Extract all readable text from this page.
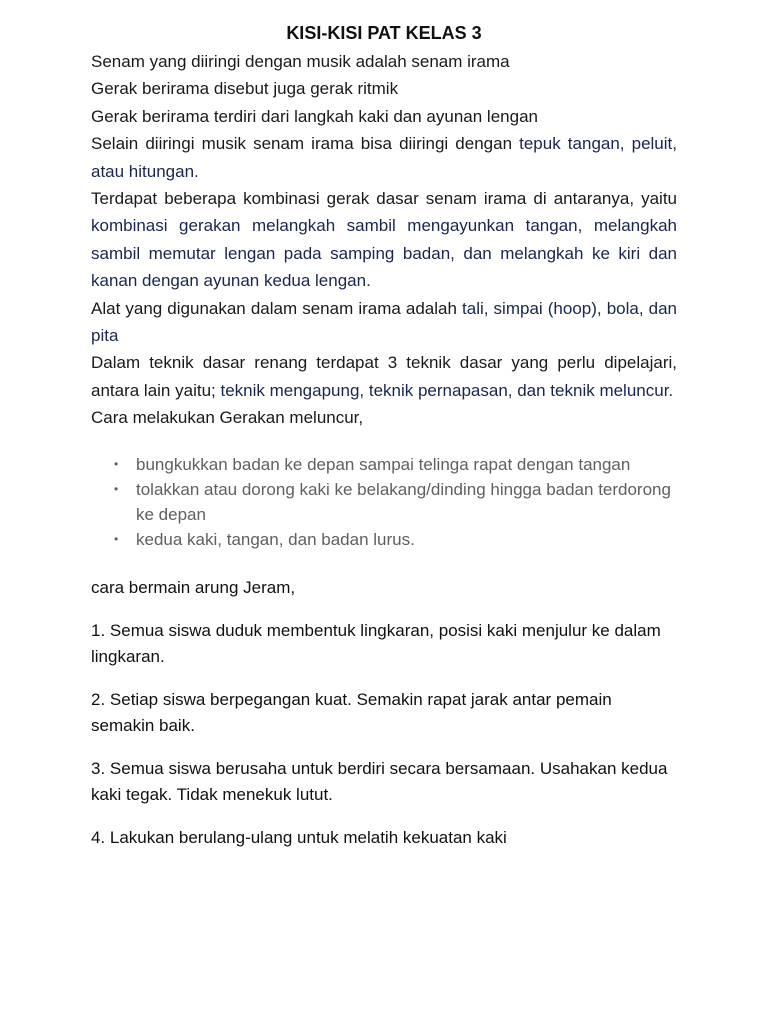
KISI-KISI PAT KELAS 3

Senam yang diiringi dengan musik adalah senam irama

Gerak berirama disebut juga gerak ritmik

Gerak berirama terdiri dari langkah kaki dan ayunan lengan

Selain diiringi musik senam irama bisa diiringi dengan tepuk tangan, peluit, atau hitungan.

Terdapat beberapa kombinasi gerak dasar senam irama di antaranya, yaitu kombinasi gerakan melangkah sambil mengayunkan tangan, melangkah sambil memutar lengan pada samping badan, dan melangkah ke kiri dan kanan dengan ayunan kedua lengan.

Alat yang digunakan dalam senam irama adalah tali, simpai (hoop), bola, dan pita

Dalam teknik dasar renang terdapat 3 teknik dasar yang perlu dipelajari, antara lain yaitu; teknik mengapung, teknik pernapasan, dan teknik meluncur.

Cara melakukan Gerakan meluncur,

• bungkukkan badan ke depan sampai telinga rapat dengan tangan
• tolakkan atau dorong kaki ke belakang/dinding hingga badan terdorong ke depan
• kedua kaki, tangan, dan badan lurus.

cara bermain arung Jeram,

1. Semua siswa duduk membentuk lingkaran, posisi kaki menjulur ke dalam lingkaran.

2. Setiap siswa berpegangan kuat. Semakin rapat jarak antar pemain semakin baik.

3. Semua siswa berusaha untuk berdiri secara bersamaan. Usahakan kedua kaki tegak. Tidak menekuk lutut.

4. Lakukan berulang-ulang untuk melatih kekuatan kaki
